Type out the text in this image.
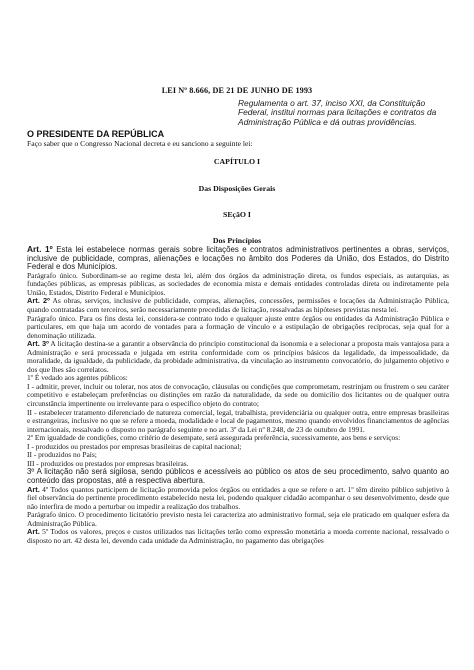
LEI Nº 8.666, DE 21 DE JUNHO DE 1993
Regulamenta o art. 37, inciso XXI, da Constituição Federal, institui normas para licitações e contratos da Administração Pública e dá outras providências.
O PRESIDENTE DA REPÚBLICA
Faço saber que o Congresso Nacional decreta e eu sanciono a seguinte lei:
CAPÍTULO I
Das Disposições Gerais
SEçãO I
Dos Princípios

Art. 1º Esta lei estabelece normas gerais sobre licitações e contratos administrativos pertinentes a obras, serviços, inclusive de publicidade, compras, alienações e locações no âmbito dos Poderes da União, dos Estados, do Distrito Federal e dos Municípios.

Parágrafo único. Subordinam-se ao regime desta lei, além dos órgãos da administração direta, os fundos especiais, as autarquias, as fundações públicas, as empresas públicas, as sociedades de economia mista e demais entidades controladas direta ou indiretamente pela União, Estados, Distrito Federal e Municípios.

Art. 2º As obras, serviços, inclusive de publicidade, compras, alienações, concessões, permissões e locações da Administração Pública, quando contratadas com terceiros, serão necessariamente precedidas de licitação, ressalvadas as hipóteses previstas nesta lei.

Parágrafo único. Para os fins desta lei, considera-se contrato todo e qualquer ajuste entre órgãos ou entidades da Administração Pública e particulares, em que haja um acordo de vontades para a formação de vínculo e a estipulação de obrigações recíprocas, seja qual for a denominação utilizada.

Art. 3º A licitação destina-se a garantir a observância do princípio constitucional da isonomia e a selecionar a proposta mais vantajosa para a Administração e será processada e julgada em estrita conformidade com os princípios básicos da legalidade, da impessoalidade, da moralidade, da igualdade, da publicidade, da probidade administrativa, da vinculação ao instrumento convocatório, do julgamento objetivo e dos que lhes são correlatos.

1º É vedado aos agentes públicos:

I - admitir, prever, incluir ou tolerar, nos atos de convocação, cláusulas ou condições que comprometam, restrinjam ou frustrem o seu caráter competitivo e estabeleçam preferências ou distinções em razão da naturalidade, da sede ou domicílio dos licitantes ou de qualquer outra circunstância impertinente ou irrelevante para o específico objeto do contrato;

II - estabelecer tratamento diferenciado de natureza comercial, legal, trabalhista, previdenciária ou qualquer outra, entre empresas brasileiras e estrangeiras, inclusive no que se refere a moeda, modalidade e local de pagamentos, mesmo quando envolvidos financiamentos de agências internacionais, ressalvado o disposto no parágrafo seguinte e no art. 3º da Lei nº 8.248, de 23 de outubro de 1991.

2º Em igualdade de condições, como critério de desempate, será assegurada preferência, sucessivamente, aos bens e serviços:

I - produzidos ou prestados por empresas brasileiras de capital nacional;

II - produzidos no País;

III - produzidos ou prestados por empresas brasileiras.

3º A licitação não será sigilosa, sendo públicos e acessíveis ao público os atos de seu procedimento, salvo quanto ao conteúdo das propostas, até a respectiva abertura.

Art. 4º Todos quantos participem de licitação promovida pelos órgãos ou entidades a que se refere o art. 1º têm direito público subjetivo à fiel observância do pertinente procedimento estabelecido nesta lei, podendo qualquer cidadão acompanhar o seu desenvolvimento, desde que não interfira de modo a perturbar ou impedir a realização dos trabalhos.

Parágrafo único. O procedimento licitatório previsto nesta lei caracteriza ato administrativo formal, seja ele praticado em qualquer esfera da Administração Pública.

Art. 5º Todos os valores, preços e custos utilizados nas licitações terão como expressão monetária a moeda corrente nacional, ressalvado o disposto no art. 42 desta lei, devendo cada unidade da Administração, no pagamento das obrigações
